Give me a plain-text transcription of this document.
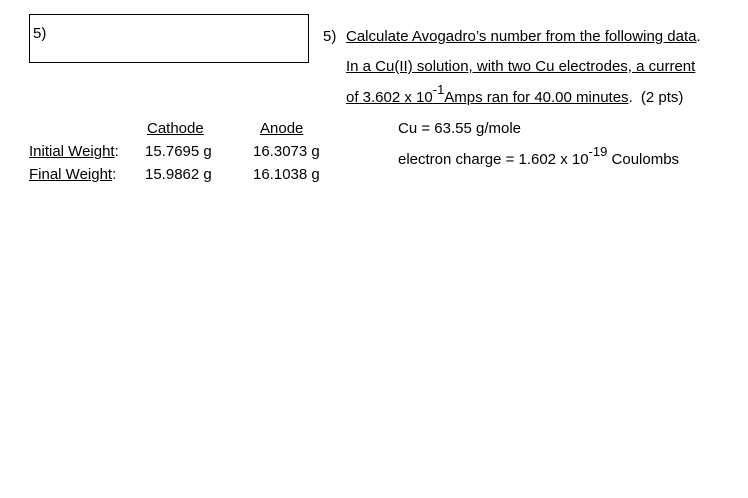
5)	5) Calculate Avogadro’s number from the following data.
In a Cu(II) solution, with two Cu electrodes, a current
of 3.602 x $10^{-1}Amps$ ran for 40.00 minutes. (2 pts)
Cu = 63.55 g/mole
electron charge = 1.602 x $10^{-19}$ Coulombs
Cathode	Anode
Initial Weight: 15.7695 g	16.3073 g
Final Weight: 15.9862 g	16.1038 g
